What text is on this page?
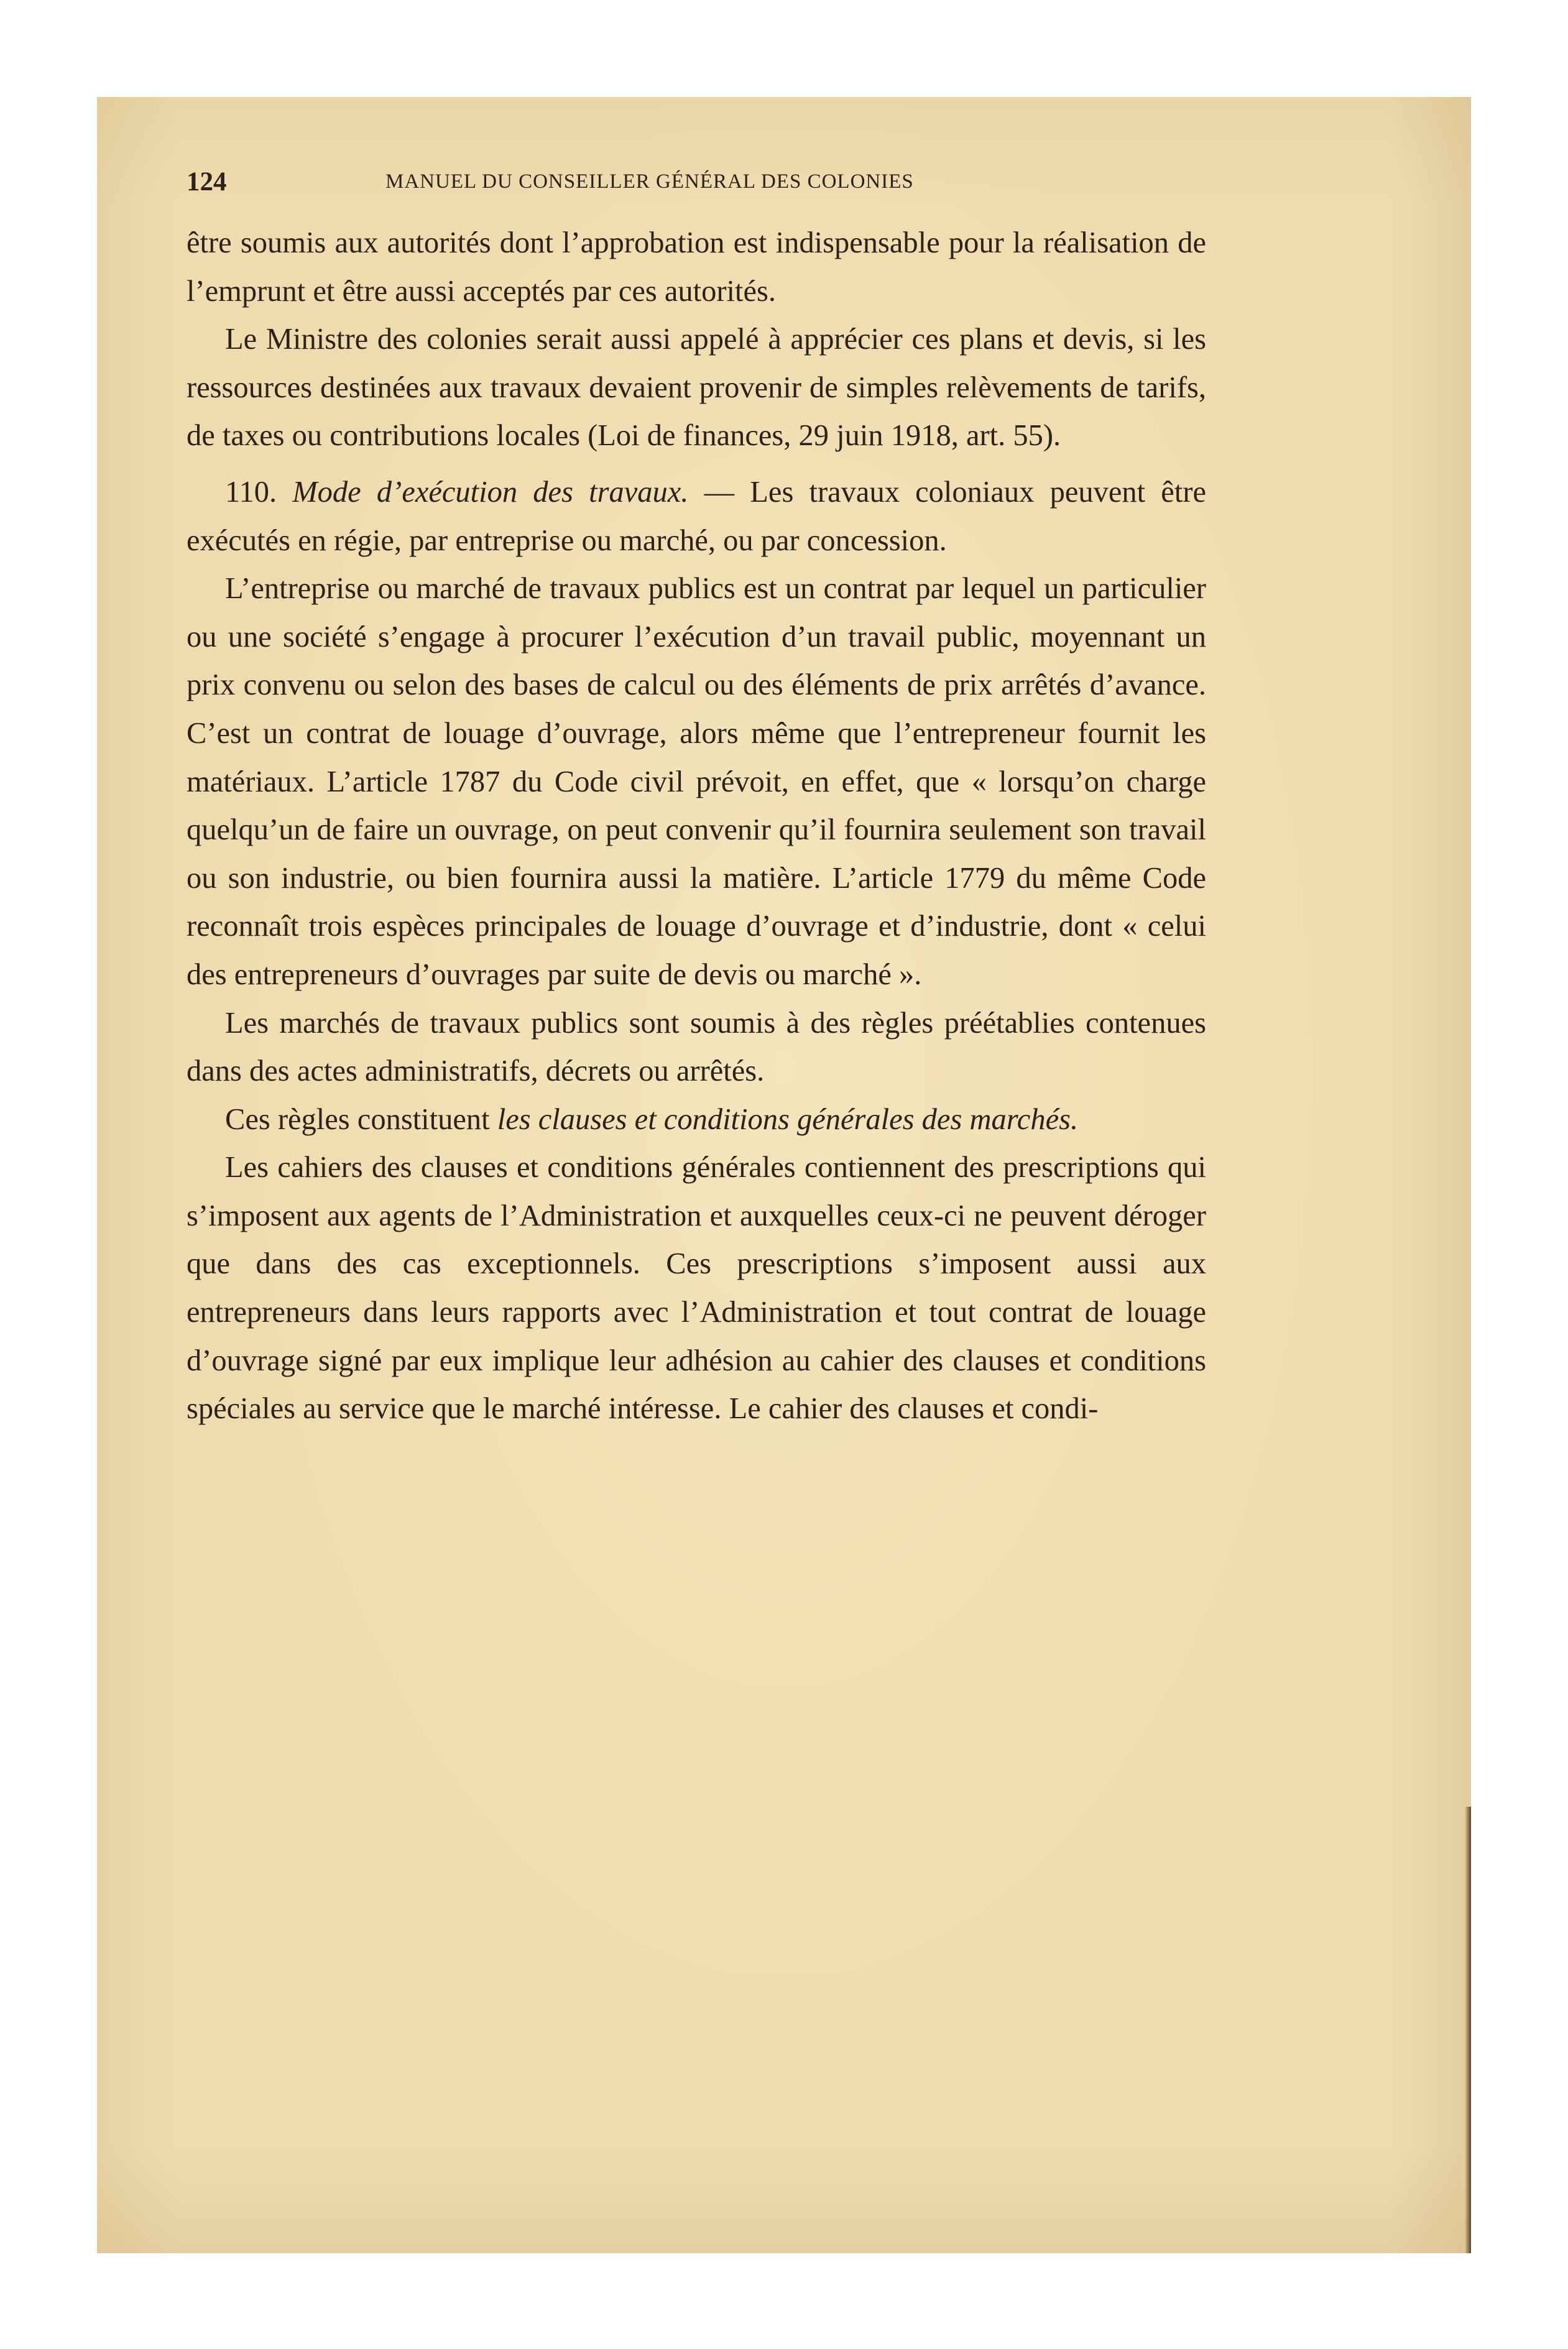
124	MANUEL DU CONSEILLER GÉNÉRAL DES COLONIES

être soumis aux autorités dont l’approbation est indispensable pour la réalisation de l’emprunt et être aussi acceptés par ces autorités.

Le Ministre des colonies serait aussi appelé à apprécier ces plans et devis, si les ressources destinées aux travaux devaient provenir de simples relèvements de tarifs, de taxes ou contributions locales (Loi de finances, 29 juin 1918, art. 55).

110. Mode d’exécution des travaux. — Les travaux coloniaux peuvent être exécutés en régie, par entreprise ou marché, ou par concession.

L’entreprise ou marché de travaux publics est un contrat par lequel un particulier ou une société s’engage à procurer l’exécution d’un travail public, moyennant un prix convenu ou selon des bases de calcul ou des éléments de prix arrêtés d’avance. C’est un contrat de louage d’ouvrage, alors même que l’entrepreneur fournit les matériaux. L’article 1787 du Code civil prévoit, en effet, que « lorsqu’on charge quelqu’un de faire un ouvrage, on peut convenir qu’il fournira seulement son travail ou son industrie, ou bien fournira aussi la matière. L’article 1779 du même Code reconnaît trois espèces principales de louage d’ouvrage et d’industrie, dont « celui des entrepreneurs d’ouvrages par suite de devis ou marché ».

Les marchés de travaux publics sont soumis à des règles préétablies contenues dans des actes administratifs, décrets ou arrêtés.

Ces règles constituent les clauses et conditions générales des marchés.

Les cahiers des clauses et conditions générales contiennent des prescriptions qui s’imposent aux agents de l’Administration et auxquelles ceux-ci ne peuvent déroger que dans des cas exceptionnels. Ces prescriptions s’imposent aussi aux entrepreneurs dans leurs rapports avec l’Administration et tout contrat de louage d’ouvrage signé par eux implique leur adhésion au cahier des clauses et conditions spéciales au service que le marché intéresse. Le cahier des clauses et condi-
